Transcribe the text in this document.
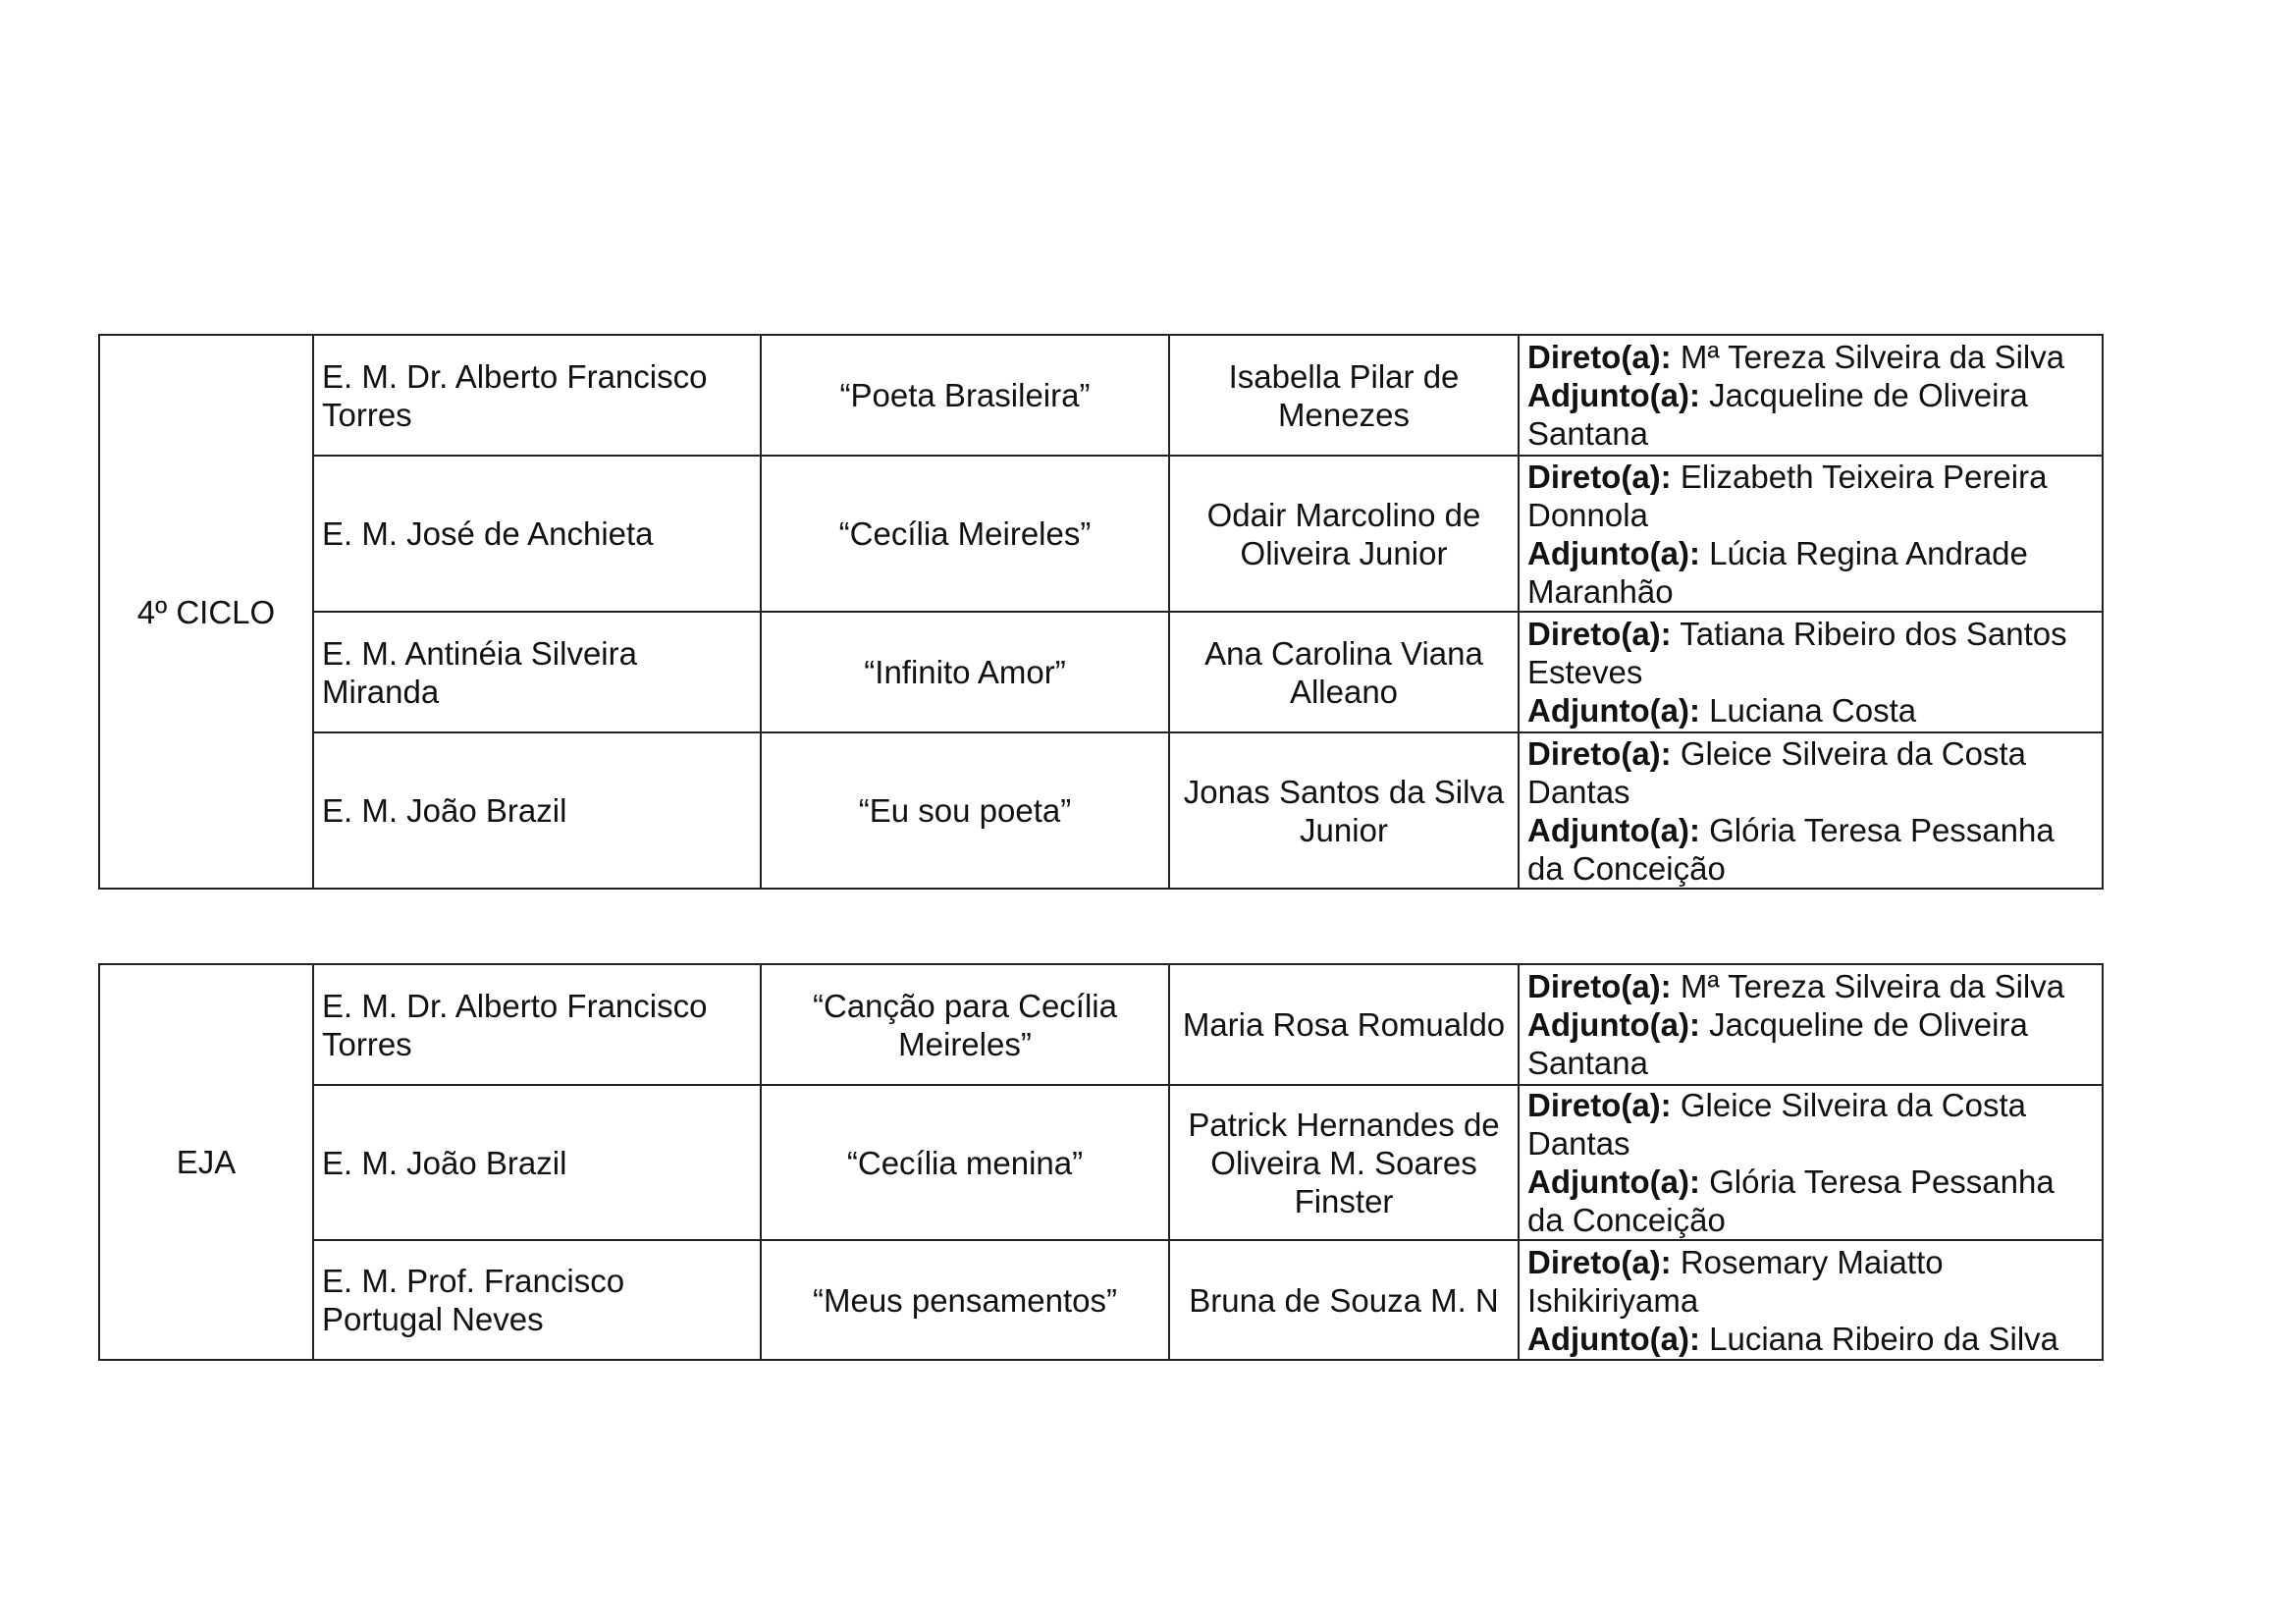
4º CICLO	E. M. Dr. Alberto Francisco Torres	“Poeta Brasileira”	Isabella Pilar de Menezes	Direto(a): Mª Tereza Silveira da Silva
Adjunto(a): Jacqueline de Oliveira Santana

	E. M. José de Anchieta	“Cecília Meireles”	Odair Marcolino de Oliveira Junior	Direto(a): Elizabeth Teixeira Pereira Donnola
Adjunto(a): Lúcia Regina Andrade Maranhão

	E. M. Antinéia Silveira Miranda	“Infinito Amor”	Ana Carolina Viana Alleano	Direto(a): Tatiana Ribeiro dos Santos Esteves
Adjunto(a): Luciana Costa

	E. M. João Brazil	“Eu sou poeta”	Jonas Santos da Silva Junior	Direto(a): Gleice Silveira da Costa Dantas
Adjunto(a): Glória Teresa Pessanha da Conceição
EJA	E. M. Dr. Alberto Francisco Torres	“Canção para Cecília Meireles”	Maria Rosa Romualdo	Direto(a): Mª Tereza Silveira da Silva
Adjunto(a): Jacqueline de Oliveira Santana

	E. M. João Brazil	“Cecília menina”	Patrick Hernandes de Oliveira M. Soares Finster	Direto(a): Gleice Silveira da Costa Dantas
Adjunto(a): Glória Teresa Pessanha da Conceição

	E. M. Prof. Francisco Portugal Neves	“Meus pensamentos”	Bruna de Souza M. N	Direto(a): Rosemary Maiatto Ishikiriyama
Adjunto(a): Luciana Ribeiro da Silva
